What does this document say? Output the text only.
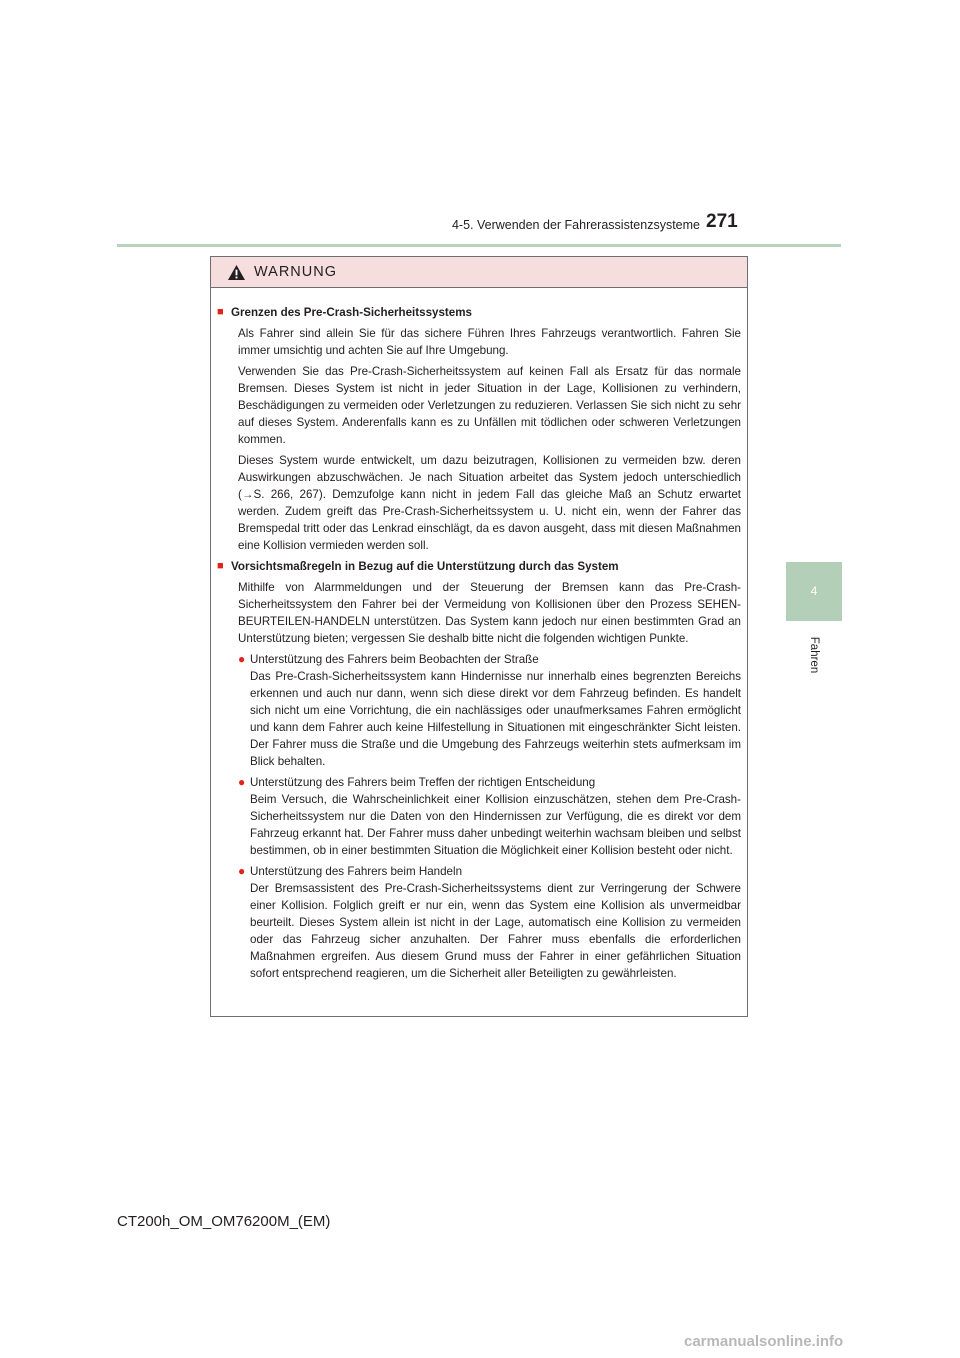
4-5. Verwenden der Fahrerassistenzsysteme 271
4
Fahren
WARNUNG
■ Grenzen des Pre-Crash-Sicherheitssystems

Als Fahrer sind allein Sie für das sichere Führen Ihres Fahrzeugs verantwortlich. Fahren Sie immer umsichtig und achten Sie auf Ihre Umgebung.

Verwenden Sie das Pre-Crash-Sicherheitssystem auf keinen Fall als Ersatz für das normale Bremsen. Dieses System ist nicht in jeder Situation in der Lage, Kollisionen zu verhindern, Beschädigungen zu vermeiden oder Verletzungen zu reduzieren. Verlassen Sie sich nicht zu sehr auf dieses System. Anderenfalls kann es zu Unfällen mit tödlichen oder schweren Verletzungen kommen.

Dieses System wurde entwickelt, um dazu beizutragen, Kollisionen zu vermeiden bzw. deren Auswirkungen abzuschwächen. Je nach Situation arbeitet das System jedoch unterschiedlich (→S. 266, 267). Demzufolge kann nicht in jedem Fall das gleiche Maß an Schutz erwartet werden. Zudem greift das Pre-Crash-Sicherheitssystem u. U. nicht ein, wenn der Fahrer das Bremspedal tritt oder das Lenkrad einschlägt, da es davon ausgeht, dass mit diesen Maßnahmen eine Kollision vermieden werden soll.

■ Vorsichtsmaßregeln in Bezug auf die Unterstützung durch das System

Mithilfe von Alarmmeldungen und der Steuerung der Bremsen kann das Pre-Crash-Sicherheitssystem den Fahrer bei der Vermeidung von Kollisionen über den Prozess SEHEN-BEURTEILEN-HANDELN unterstützen. Das System kann jedoch nur einen bestimmten Grad an Unterstützung bieten; vergessen Sie deshalb bitte nicht die folgenden wichtigen Punkte.

● Unterstützung des Fahrers beim Beobachten der Straße
Das Pre-Crash-Sicherheitssystem kann Hindernisse nur innerhalb eines begrenzten Bereichs erkennen und auch nur dann, wenn sich diese direkt vor dem Fahrzeug befinden. Es handelt sich nicht um eine Vorrichtung, die ein nachlässiges oder unaufmerksames Fahren ermöglicht und kann dem Fahrer auch keine Hilfestellung in Situationen mit eingeschränkter Sicht leisten. Der Fahrer muss die Straße und die Umgebung des Fahrzeugs weiterhin stets aufmerksam im Blick behalten.
● Unterstützung des Fahrers beim Treffen der richtigen Entscheidung
Beim Versuch, die Wahrscheinlichkeit einer Kollision einzuschätzen, stehen dem Pre-Crash-Sicherheitssystem nur die Daten von den Hindernissen zur Verfügung, die es direkt vor dem Fahrzeug erkannt hat. Der Fahrer muss daher unbedingt weiterhin wachsam bleiben und selbst bestimmen, ob in einer bestimmten Situation die Möglichkeit einer Kollision besteht oder nicht.
● Unterstützung des Fahrers beim Handeln
Der Bremsassistent des Pre-Crash-Sicherheitssystems dient zur Verringerung der Schwere einer Kollision. Folglich greift er nur ein, wenn das System eine Kollision als unvermeidbar beurteilt. Dieses System allein ist nicht in der Lage, automatisch eine Kollision zu vermeiden oder das Fahrzeug sicher anzuhalten. Der Fahrer muss ebenfalls die erforderlichen Maßnahmen ergreifen. Aus diesem Grund muss der Fahrer in einer gefährlichen Situation sofort entsprechend reagieren, um die Sicherheit aller Beteiligten zu gewährleisten.
CT200h_OM_OM76200M_(EM)
carmanualsonline.info
